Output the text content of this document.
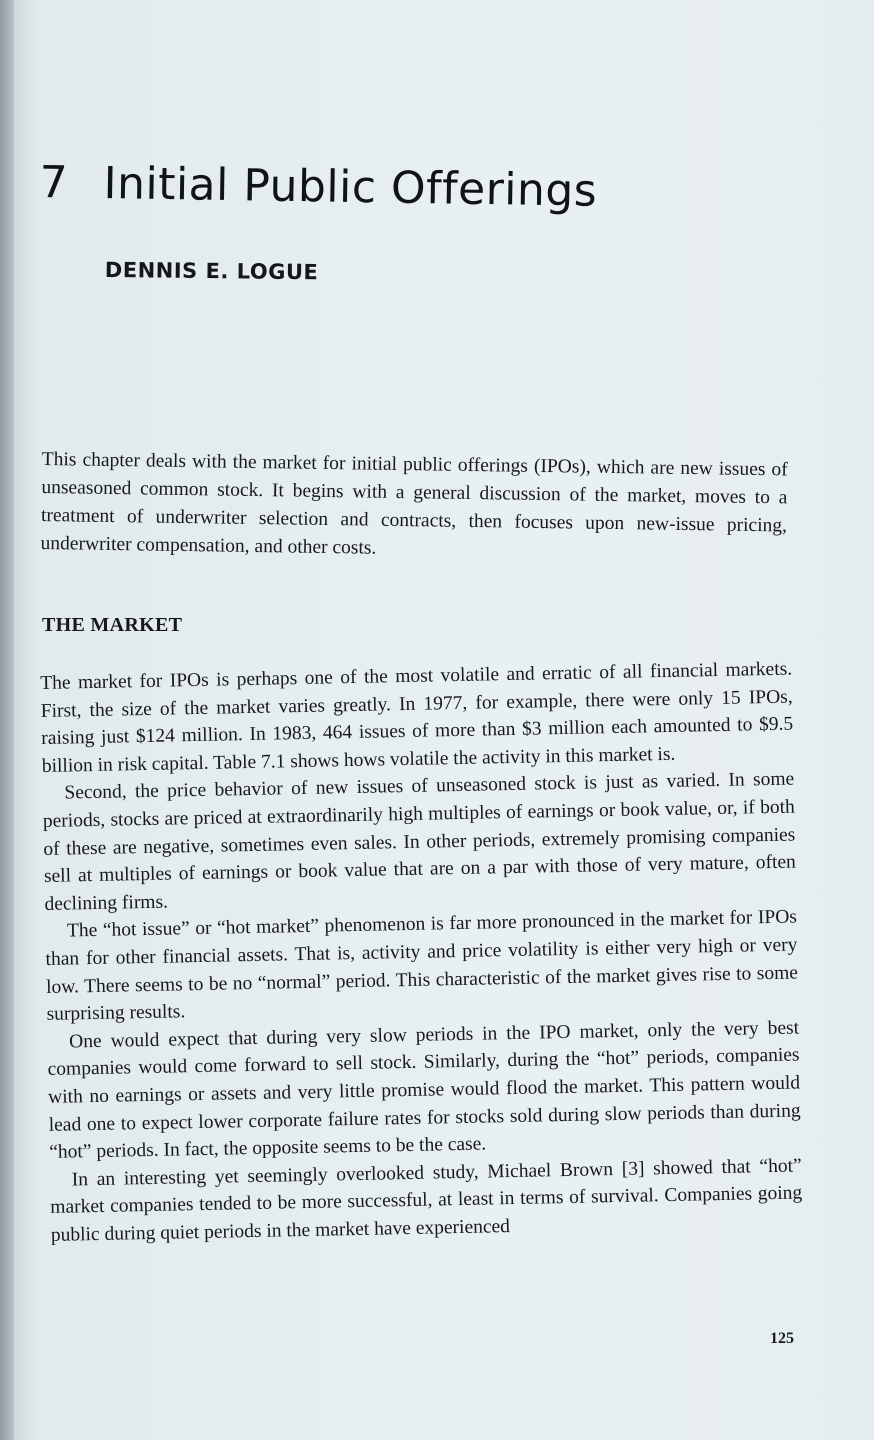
7 Initial Public Offerings
DENNIS E. LOGUE
This chapter deals with the market for initial public offerings (IPOs), which are new issues of unseasoned common stock. It begins with a general discussion of the market, moves to a treatment of underwriter selection and contracts, then focuses upon new-issue pricing, underwriter compensation, and other costs.
THE MARKET

The market for IPOs is perhaps one of the most volatile and erratic of all financial markets. First, the size of the market varies greatly. In 1977, for example, there were only 15 IPOs, raising just $124 million. In 1983, 464 issues of more than $3 million each amounted to $9.5 billion in risk capital. Table 7.1 shows hows volatile the activity in this market is.

Second, the price behavior of new issues of unseasoned stock is just as varied. In some periods, stocks are priced at extraordinarily high multiples of earnings or book value, or, if both of these are negative, sometimes even sales. In other periods, extremely promising companies sell at multiples of earnings or book value that are on a par with those of very mature, often declining firms.

The “hot issue” or “hot market” phenomenon is far more pronounced in the market for IPOs than for other financial assets. That is, activity and price volatility is either very high or very low. There seems to be no “normal” period. This characteristic of the market gives rise to some surprising results.

One would expect that during very slow periods in the IPO market, only the very best companies would come forward to sell stock. Similarly, during the “hot” periods, companies with no earnings or assets and very little promise would flood the market. This pattern would lead one to expect lower corporate failure rates for stocks sold during slow periods than during “hot” periods. In fact, the opposite seems to be the case.

In an interesting yet seemingly overlooked study, Michael Brown [3] showed that “hot” market companies tended to be more successful, at least in terms of survival. Companies going public during quiet periods in the market have experienced

125
